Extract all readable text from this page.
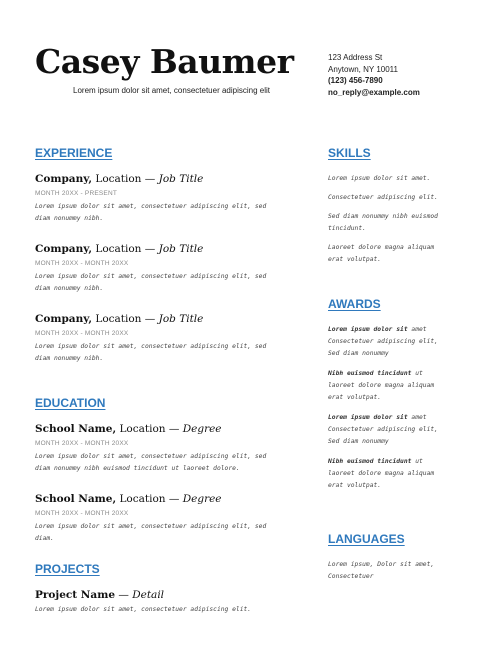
Casey Baumer
Lorem ipsum dolor sit amet, consectetuer adipiscing elit
123 Address St
Anytown, NY 10011
(123) 456-7890
no_reply@example.com
EXPERIENCE
Company, Location — Job Title
MONTH 20XX - PRESENT
Lorem ipsum dolor sit amet, consectetuer adipiscing elit, sed diam nonummy nibh.
Company, Location — Job Title
MONTH 20XX - MONTH 20XX
Lorem ipsum dolor sit amet, consectetuer adipiscing elit, sed diam nonummy nibh.
Company, Location — Job Title
MONTH 20XX - MONTH 20XX
Lorem ipsum dolor sit amet, consectetuer adipiscing elit, sed diam nonummy nibh.
EDUCATION
School Name, Location — Degree
MONTH 20XX - MONTH 20XX
Lorem ipsum dolor sit amet, consectetuer adipiscing elit, sed diam nonummy nibh euismod tincidunt ut laoreet dolore.
School Name, Location — Degree
MONTH 20XX - MONTH 20XX
Lorem ipsum dolor sit amet, consectetuer adipiscing elit, sed diam.
PROJECTS
Project Name — Detail
Lorem ipsum dolor sit amet, consectetuer adipiscing elit.
SKILLS
Lorem ipsum dolor sit amet.
Consectetuer adipiscing elit.
Sed diam nonummy nibh euismod tincidunt.
Laoreet dolore magna aliquam erat volutpat.
AWARDS
Lorem ipsum dolor sit amet Consectetuer adipiscing elit, Sed diam nonummy
Nibh euismod tincidunt ut laoreet dolore magna aliquam erat volutpat.
Lorem ipsum dolor sit amet Consectetuer adipiscing elit, Sed diam nonummy
Nibh euismod tincidunt ut laoreet dolore magna aliquam erat volutpat.
LANGUAGES
Lorem ipsum, Dolor sit amet, Consectetuer
